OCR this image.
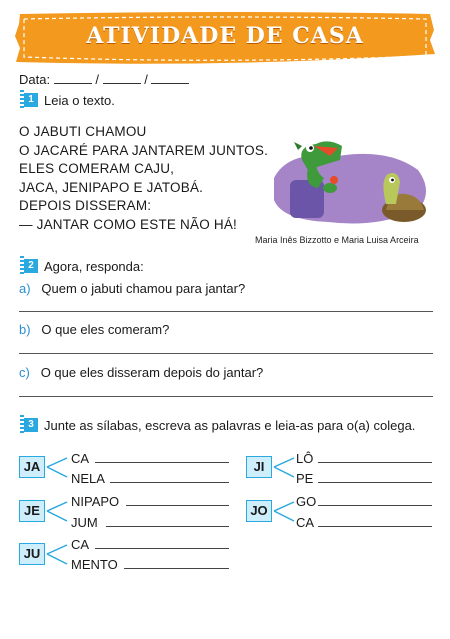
ATIVIDADE DE CASA
Data:	/	/
1 Leia o texto.
O JABUTI CHAMOU
O JACARÉ PARA JANTAREM JUNTOS.
ELES COMERAM CAJU,
JACA, JENIPAPO E JATOBÁ.
DEPOIS DISSERAM:
— JANTAR COMO ESTE NÃO HÁ!
Maria Inês Bizzotto e Maria Luisa Arceira
2 Agora, responda:
a) Quem o jabuti chamou para jantar?
b) O que eles comeram?
c) O que eles disseram depois do jantar?
3 Junte as sílabas, escreva as palavras e leia-as para o(a) colega.
JA
CA
NELA
JI
LÔ
PE
JE
NIPAPO
JUM
JO
GO
CA
JU
CA
MENTO
